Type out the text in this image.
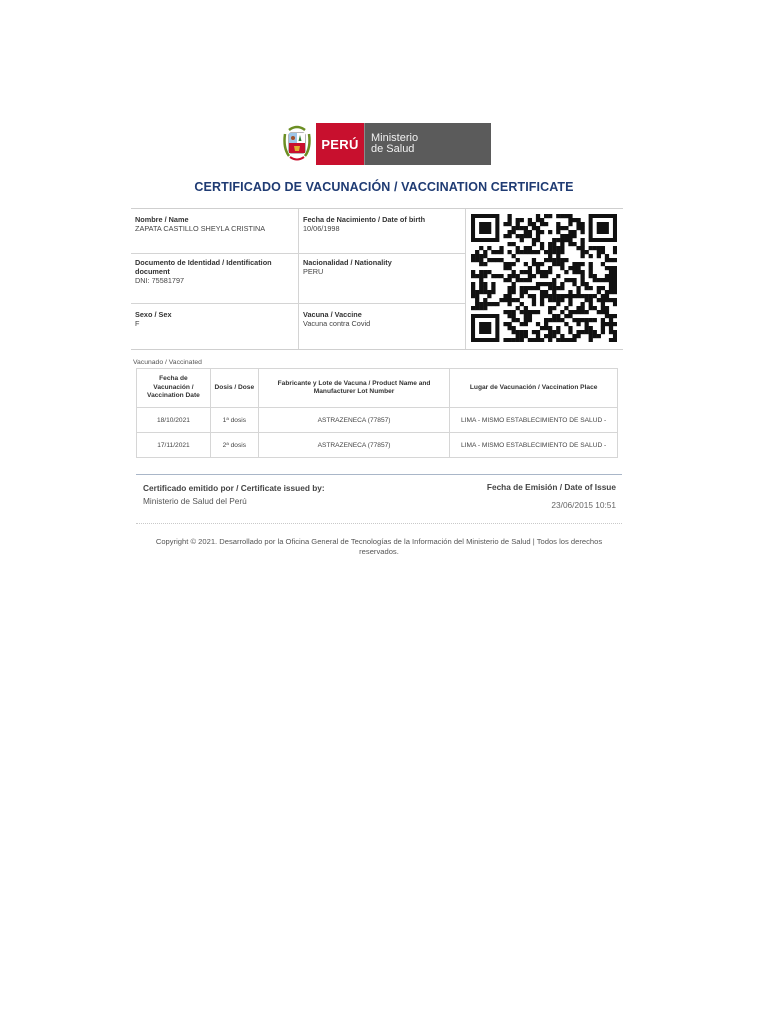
PERÚ	Ministerio
de Salud
CERTIFICADO DE VACUNACIÓN / VACCINATION CERTIFICATE
Nombre / Name
ZAPATA CASTILLO SHEYLA CRISTINA
Fecha de Nacimiento / Date of birth
10/06/1998
Documento de Identidad / Identification document
DNI: 75581797
Nacionalidad / Nationality
PERU
Sexo / Sex
F
Vacuna / Vaccine
Vacuna contra Covid
Vacunado / Vaccinated
Fecha de Vacunación / Vaccination Date	Dosis / Dose	Fabricante y Lote de Vacuna / Product Name and Manufacturer Lot Number	Lugar de Vacunación / Vaccination Place
18/10/2021	1ª dosis	ASTRAZENECA (77857)	LIMA - MISMO ESTABLECIMIENTO DE SALUD -
17/11/2021	2ª dosis	ASTRAZENECA (77857)	LIMA - MISMO ESTABLECIMIENTO DE SALUD -
Certificado emitido por / Certificate issued by:
Ministerio de Salud del Perú
Fecha de Emisión / Date of Issue
23/06/2015 10:51
Copyright © 2021. Desarrollado por la Oficina General de Tecnologías de la Información del Ministerio de Salud | Todos los derechos reservados.
